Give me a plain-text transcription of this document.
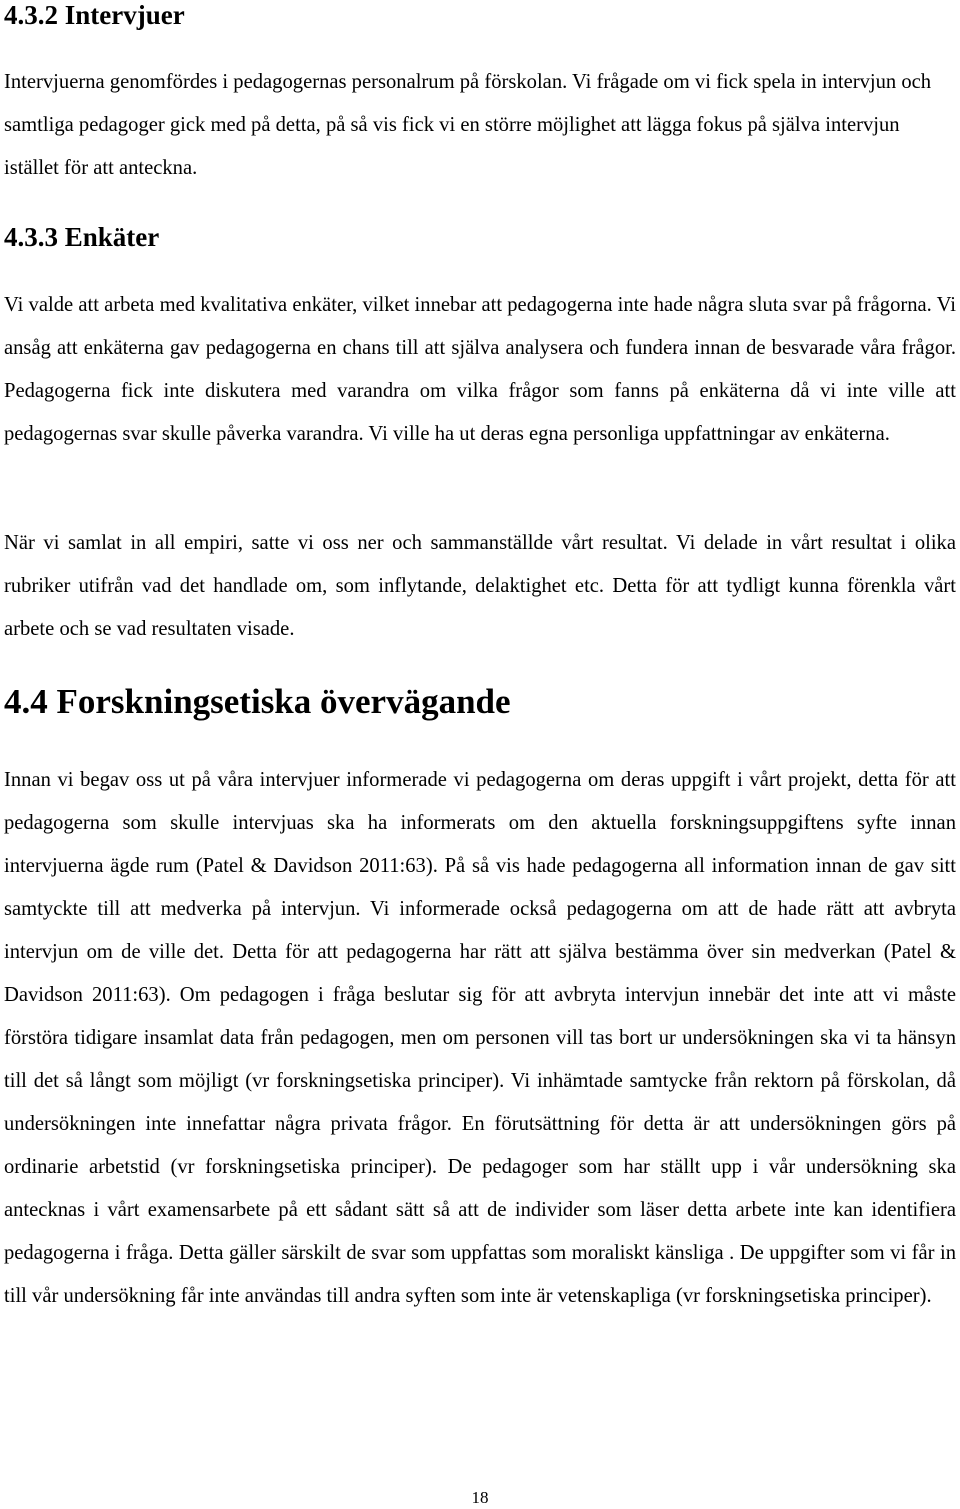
4.3.2 Intervjuer

Intervjuerna genomfördes i pedagogernas personalrum på förskolan. Vi frågade om vi fick spela in intervjun och samtliga pedagoger gick med på detta, på så vis fick vi en större möjlighet att lägga fokus på själva intervjun istället för att anteckna.

4.3.3 Enkäter

Vi valde att arbeta med kvalitativa enkäter, vilket innebar att pedagogerna inte hade några sluta svar på frågorna. Vi ansåg att enkäterna gav pedagogerna en chans till att själva analysera och fundera innan de besvarade våra frågor. Pedagogerna fick inte diskutera med varandra om vilka frågor som fanns på enkäterna då vi inte ville att pedagogernas svar skulle påverka varandra. Vi ville ha ut deras egna personliga uppfattningar av enkäterna.

När vi samlat in all empiri, satte vi oss ner och sammanställde vårt resultat. Vi delade in vårt resultat i olika rubriker utifrån vad det handlade om, som inflytande, delaktighet etc. Detta för att tydligt kunna förenkla vårt arbete och se vad resultaten visade.

4.4 Forskningsetiska övervägande

Innan vi begav oss ut på våra intervjuer informerade vi pedagogerna om deras uppgift i vårt projekt, detta för att pedagogerna som skulle intervjuas ska ha informerats om den aktuella forskningsuppgiftens syfte innan intervjuerna ägde rum (Patel & Davidson 2011:63). På så vis hade pedagogerna all information innan de gav sitt samtyckte till att medverka på intervjun. Vi informerade också pedagogerna om att de hade rätt att avbryta intervjun om de ville det. Detta för att pedagogerna har rätt att själva bestämma över sin medverkan (Patel & Davidson 2011:63). Om pedagogen i fråga beslutar sig för att avbryta intervjun innebär det inte att vi måste förstöra tidigare insamlat data från pedagogen, men om personen vill tas bort ur undersökningen ska vi ta hänsyn till det så långt som möjligt (vr forskningsetiska principer). Vi inhämtade samtycke från rektorn på förskolan, då undersökningen inte innefattar några privata frågor. En förutsättning för detta är att undersökningen görs på ordinarie arbetstid (vr forskningsetiska principer). De pedagoger som har ställt upp i vår undersökning ska antecknas i vårt examensarbete på ett sådant sätt så att de individer som läser detta arbete inte kan identifiera pedagogerna i fråga. Detta gäller särskilt de svar som uppfattas som moraliskt känsliga . De uppgifter som vi får in till vår undersökning får inte användas till andra syften som inte är vetenskapliga (vr forskningsetiska principer).

18
